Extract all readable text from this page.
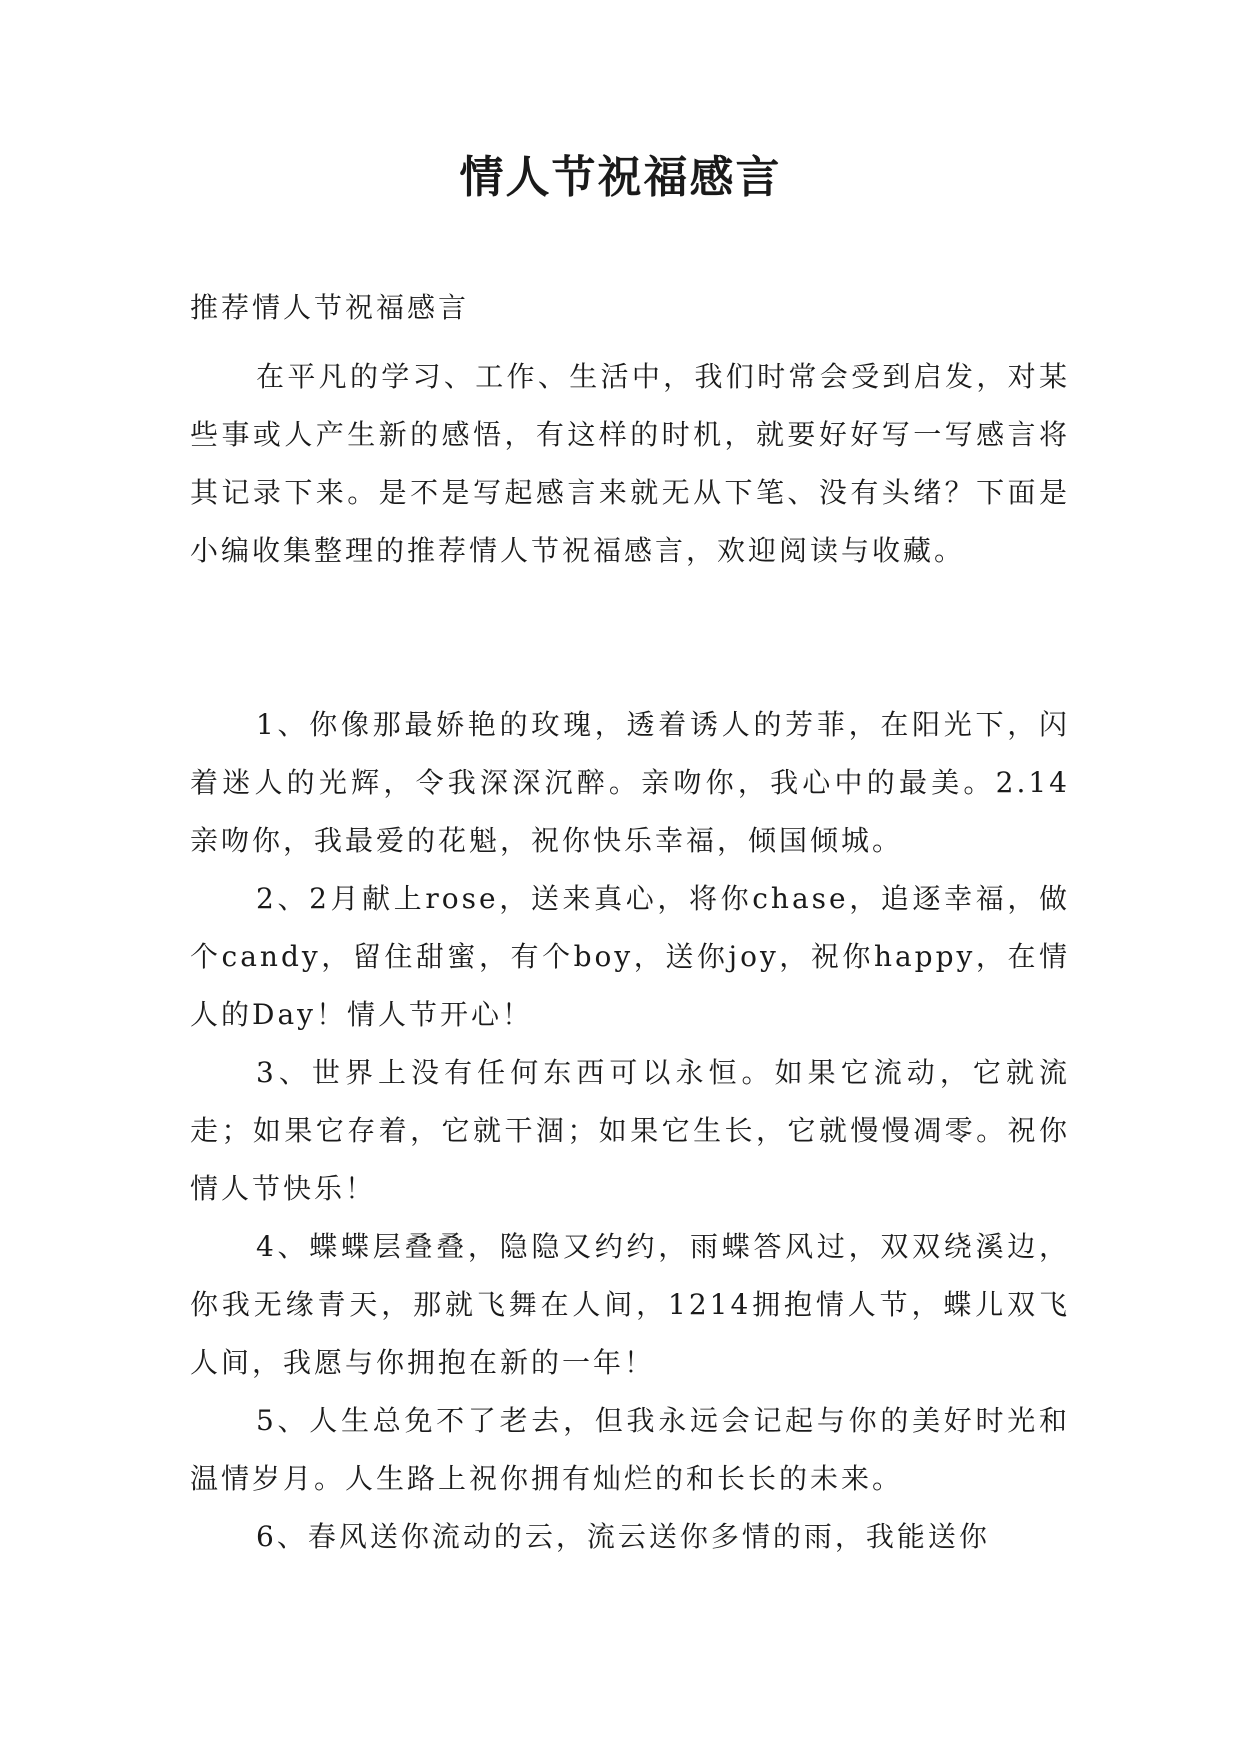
情人节祝福感言

推荐情人节祝福感言

在平凡的学习、工作、生活中，我们时常会受到启发，对某些事或人产生新的感悟，有这样的时机，就要好好写一写感言将其记录下来。是不是写起感言来就无从下笔、没有头绪？下面是小编收集整理的推荐情人节祝福感言，欢迎阅读与收藏。

1、你像那最娇艳的玫瑰，透着诱人的芳菲，在阳光下，闪着迷人的光辉，令我深深沉醉。亲吻你，我心中的最美。2.14亲吻你，我最爱的花魁，祝你快乐幸福，倾国倾城。

2、2月献上rose，送来真心，将你chase，追逐幸福，做个candy，留住甜蜜，有个boy，送你joy，祝你happy，在情人的Day！情人节开心！

3、世界上没有任何东西可以永恒。如果它流动，它就流走；如果它存着，它就干涸；如果它生长，它就慢慢凋零。祝你情人节快乐！

4、蝶蝶层叠叠，隐隐又约约，雨蝶答风过，双双绕溪边，你我无缘青天，那就飞舞在人间，1214拥抱情人节，蝶儿双飞人间，我愿与你拥抱在新的一年！

5、人生总免不了老去，但我永远会记起与你的美好时光和温情岁月。人生路上祝你拥有灿烂的和长长的未来。

6、春风送你流动的云，流云送你多情的雨，我能送你
